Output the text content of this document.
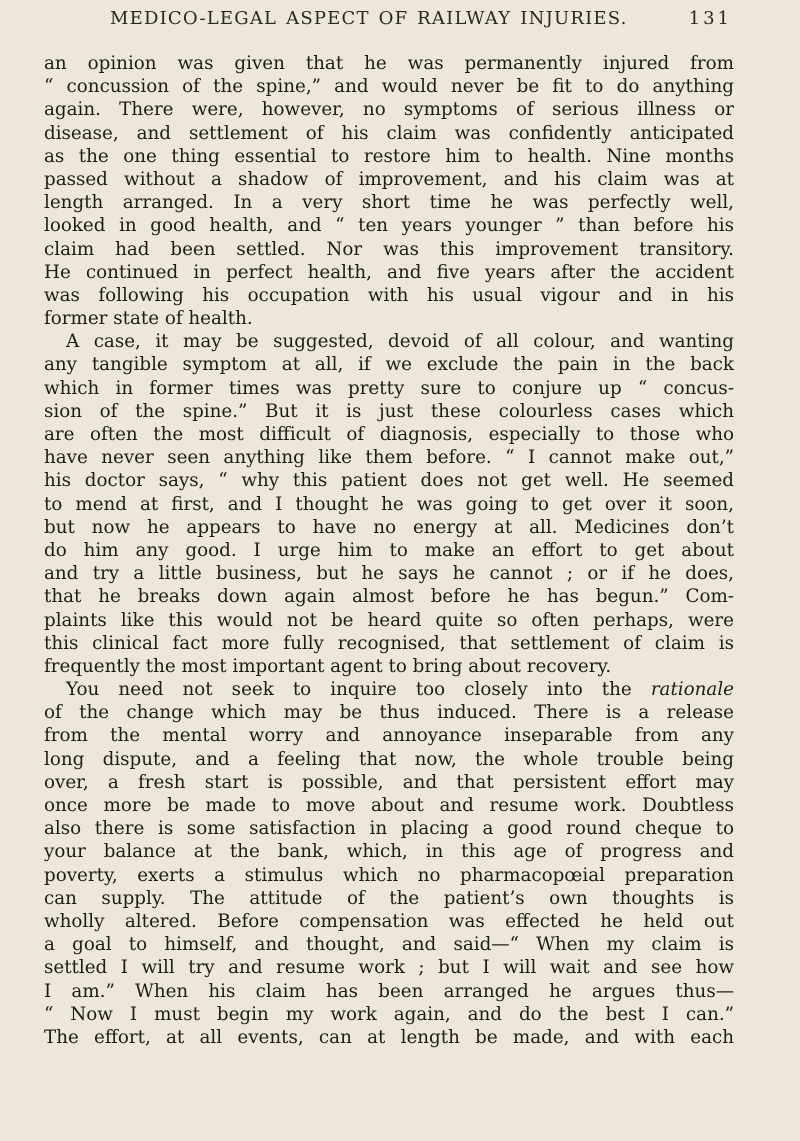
MEDICO-LEGAL ASPECT OF RAILWAY INJURIES.	131
an opinion was given that he was permanently injured from
“ concussion of the spine,” and would never be fit to do anything
again. There were, however, no symptoms of serious illness or
disease, and settlement of his claim was confidently anticipated
as the one thing essential to restore him to health. Nine months
passed without a shadow of improvement, and his claim was at
length arranged. In a very short time he was perfectly well,
looked in good health, and “ ten years younger ” than before his
claim had been settled. Nor was this improvement transitory.
He continued in perfect health, and five years after the accident
was following his occupation with his usual vigour and in his
former state of health.
A case, it may be suggested, devoid of all colour, and wanting
any tangible symptom at all, if we exclude the pain in the back
which in former times was pretty sure to conjure up “ concus-
sion of the spine.” But it is just these colourless cases which
are often the most difficult of diagnosis, especially to those who
have never seen anything like them before. “ I cannot make out,”
his doctor says, “ why this patient does not get well. He seemed
to mend at first, and I thought he was going to get over it soon,
but now he appears to have no energy at all. Medicines don’t
do him any good. I urge him to make an effort to get about
and try a little business, but he says he cannot ; or if he does,
that he breaks down again almost before he has begun.” Com-
plaints like this would not be heard quite so often perhaps, were
this clinical fact more fully recognised, that settlement of claim is
frequently the most important agent to bring about recovery.
You need not seek to inquire too closely into the rationale
of the change which may be thus induced. There is a release
from the mental worry and annoyance inseparable from any
long dispute, and a feeling that now, the whole trouble being
over, a fresh start is possible, and that persistent effort may
once more be made to move about and resume work. Doubtless
also there is some satisfaction in placing a good round cheque to
your balance at the bank, which, in this age of progress and
poverty, exerts a stimulus which no pharmacopœial preparation
can supply. The attitude of the patient’s own thoughts is
wholly altered. Before compensation was effected he held out
a goal to himself, and thought, and said—“ When my claim is
settled I will try and resume work ; but I will wait and see how
I am.” When his claim has been arranged he argues thus—
“ Now I must begin my work again, and do the best I can.”
The effort, at all events, can at length be made, and with each
